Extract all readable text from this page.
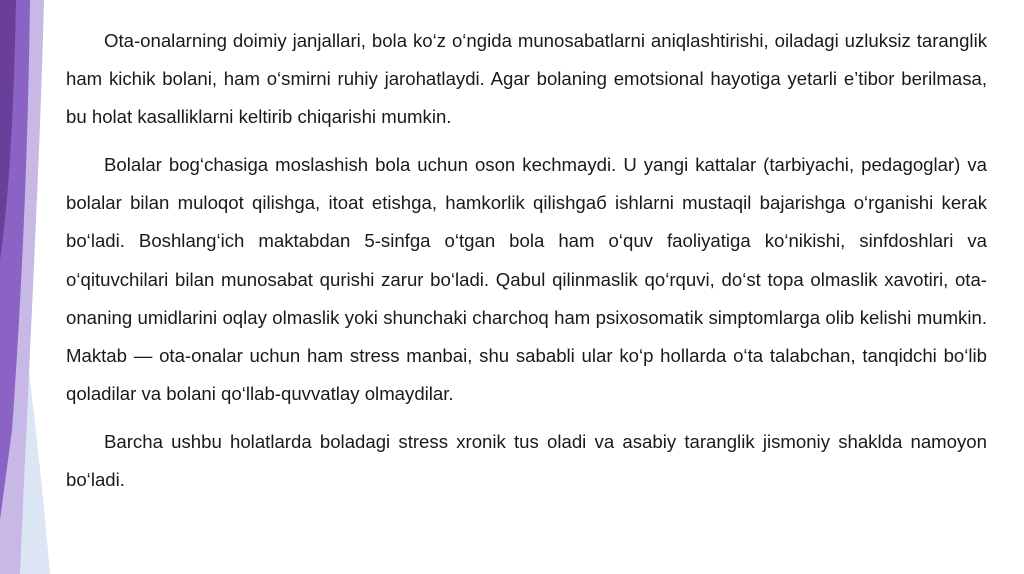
Ota-onalarning doimiy janjallari, bola ko‘z o‘ngida munosabatlarni aniqlashtirishi, oiladagi uzluksiz taranglik ham kichik bolani, ham o‘smirni ruhiy jarohatlaydi. Agar bolaning emotsional hayotiga yetarli e’tibor berilmasa, bu holat kasalliklarni keltirib chiqarishi mumkin.

Bolalar bog‘chasiga moslashish bola uchun oson kechmaydi. U yangi kattalar (tarbiyachi, pedagoglar) va bolalar bilan muloqot qilishga, itoat etishga, hamkorlik qilishgaб ishlarni mustaqil bajarishga o‘rganishi kerak bo‘ladi. Boshlang‘ich maktabdan 5-sinfga o‘tgan bola ham o‘quv faoliyatiga ko‘nikishi, sinfdoshlari va o‘qituvchilari bilan munosabat qurishi zarur bo‘ladi. Qabul qilinmaslik qo‘rquvi, do‘st topa olmaslik xavotiri, ota-onaning umidlarini oqlay olmaslik yoki shunchaki charchoq ham psixosomatik simptomlarga olib kelishi mumkin. Maktab — ota-onalar uchun ham stress manbai, shu sababli ular ko‘p hollarda o‘ta talabchan, tanqidchi bo‘lib qoladilar va bolani qo‘llab-quvvatlay olmaydilar.

Barcha ushbu holatlarda boladagi stress xronik tus oladi va asabiy taranglik jismoniy shaklda namoyon bo‘ladi.
